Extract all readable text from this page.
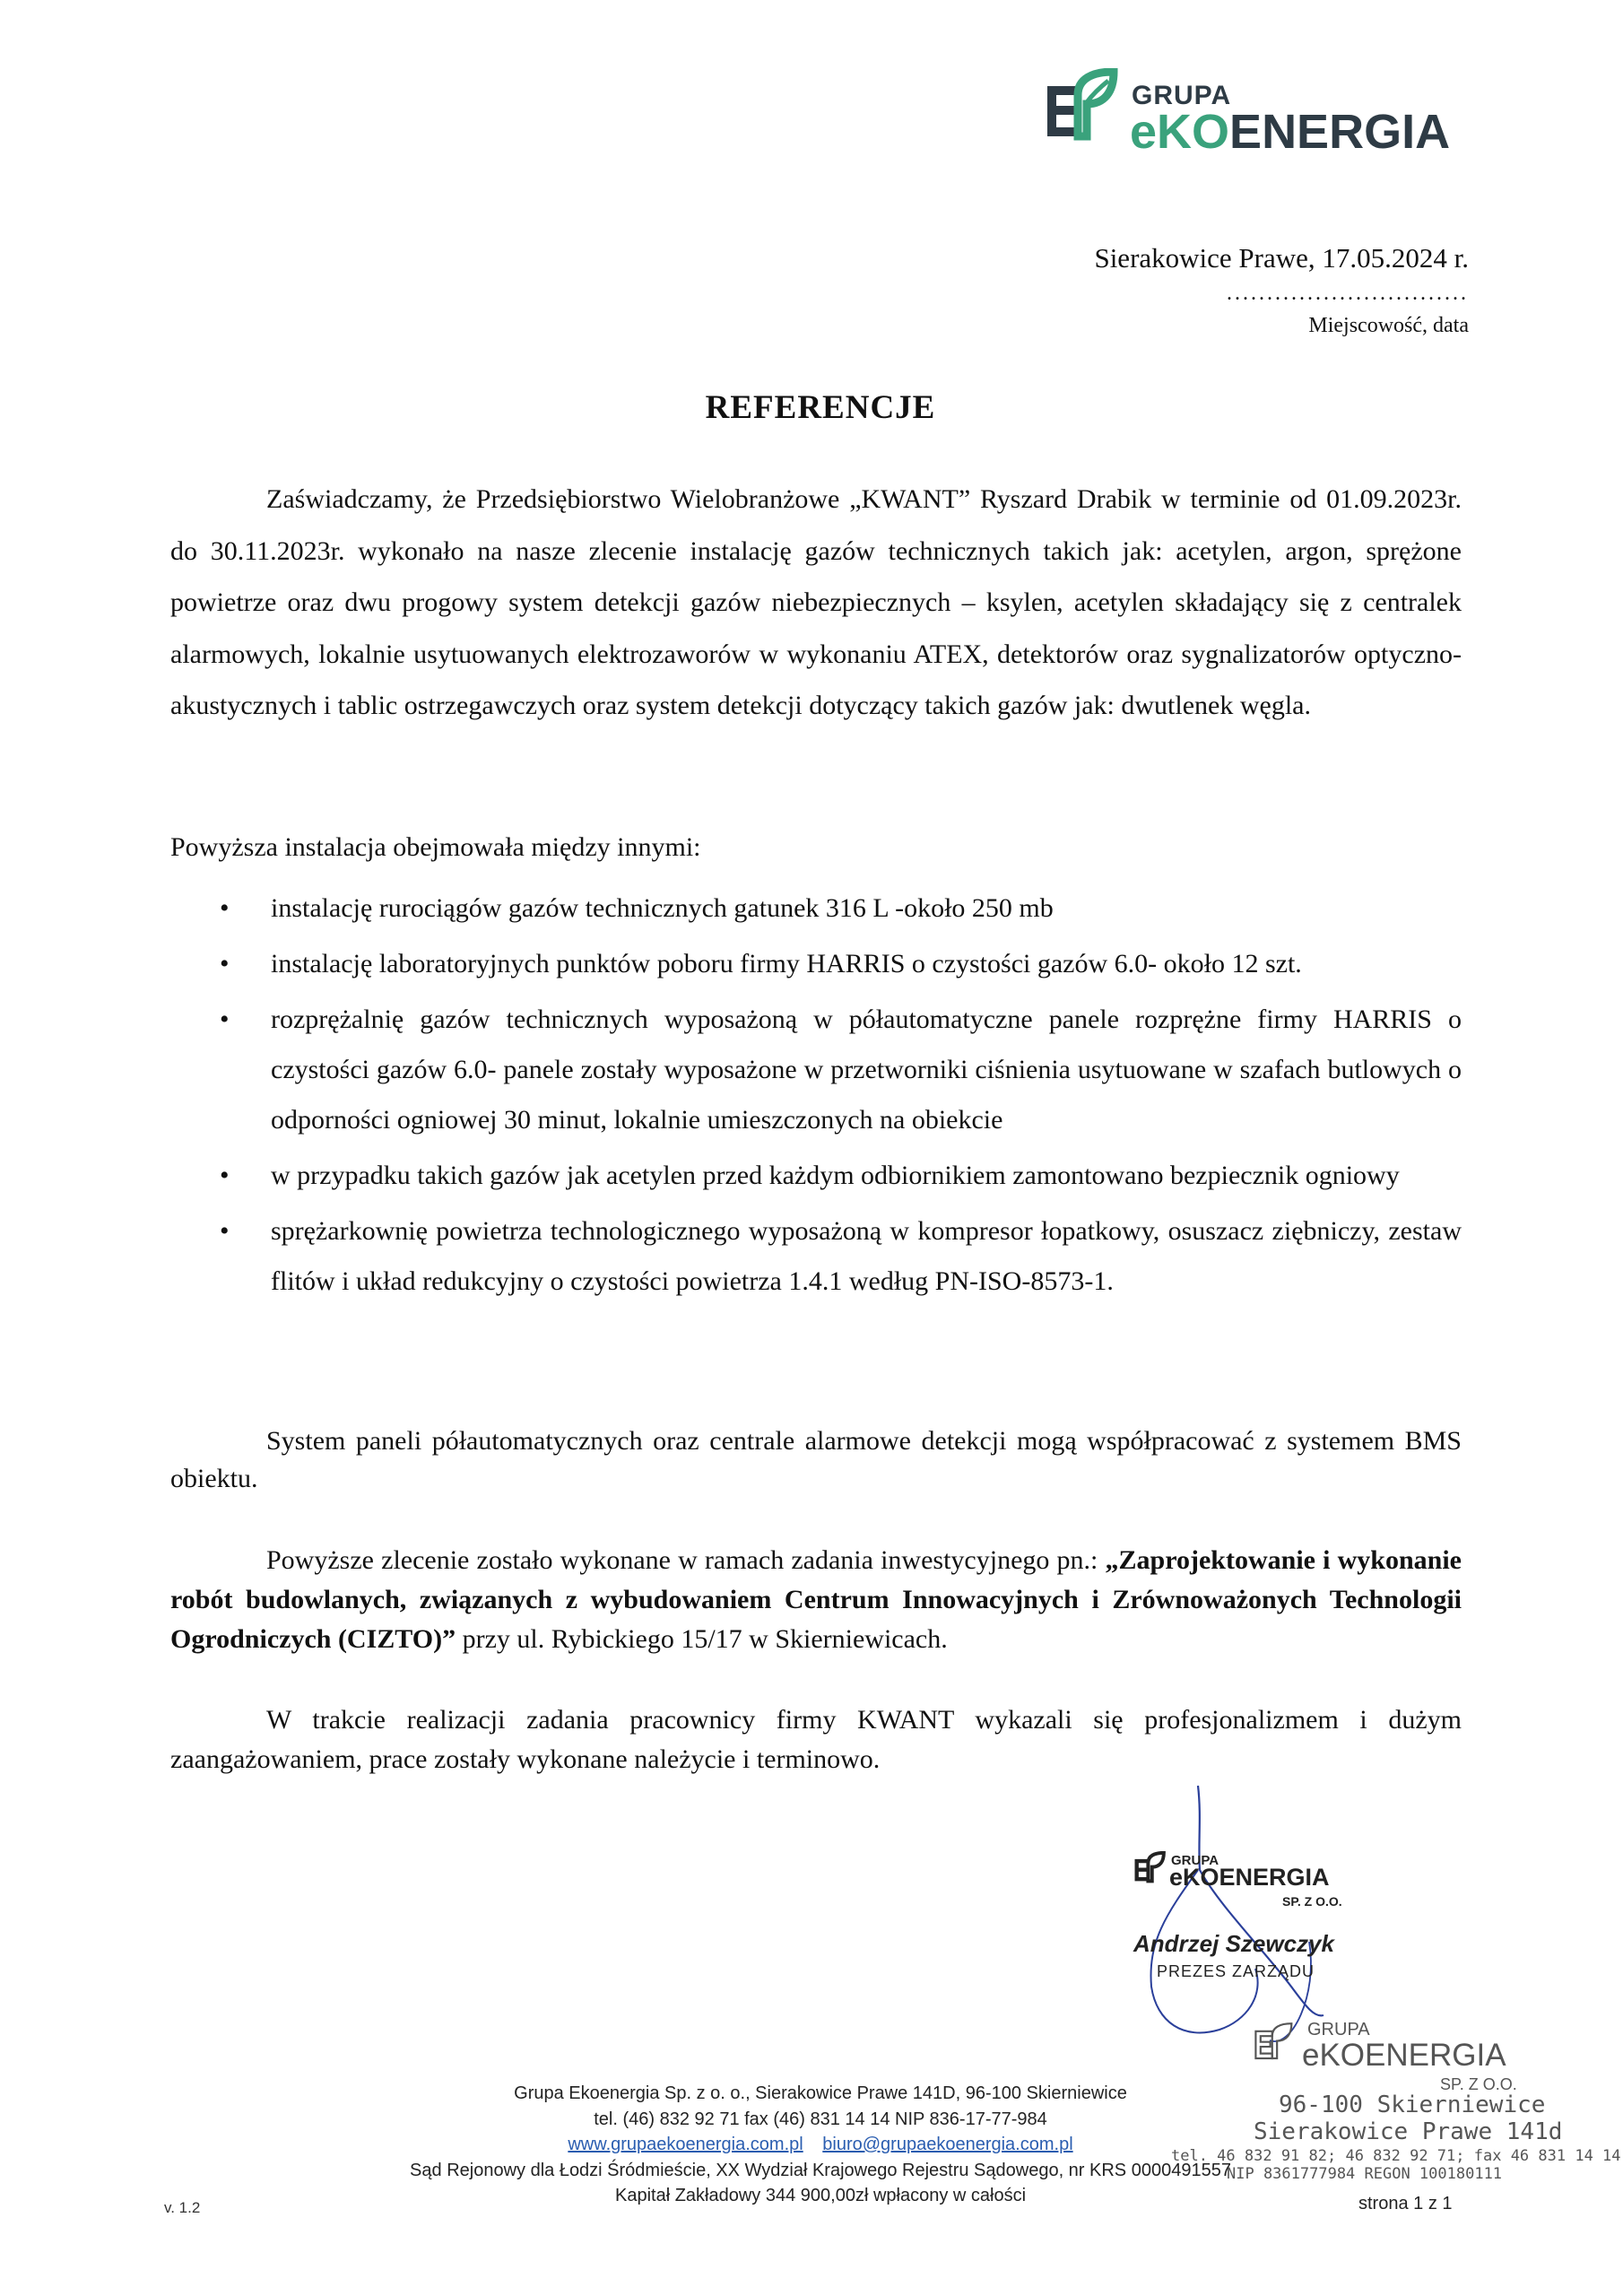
GRUPA
eKOENERGIA
Sierakowice Prawe, 17.05.2024 r.
..............................
Miejscowość, data
REFERENCJE
Zaświadczamy, że Przedsiębiorstwo Wielobranżowe „KWANT” Ryszard Drabik w terminie od 01.09.2023r. do 30.11.2023r. wykonało na nasze zlecenie instalację gazów technicznych takich jak: acetylen, argon, sprężone powietrze oraz dwu progowy system detekcji gazów niebezpiecznych – ksylen, acetylen składający się z centralek alarmowych, lokalnie usytuowanych elektrozaworów w wykonaniu ATEX, detektorów oraz sygnalizatorów optyczno- akustycznych i tablic ostrzegawczych oraz system detekcji dotyczący takich gazów jak: dwutlenek węgla.
Powyższa instalacja obejmowała między innymi:
• instalację rurociągów gazów technicznych gatunek 316 L -około 250 mb
• instalację laboratoryjnych punktów poboru firmy HARRIS o czystości gazów 6.0- około 12 szt.
• rozprężalnię gazów technicznych wyposażoną w półautomatyczne panele rozprężne firmy HARRIS o czystości gazów 6.0- panele zostały wyposażone w przetworniki ciśnienia usytuowane w szafach butlowych o odporności ogniowej 30 minut, lokalnie umieszczonych na obiekcie
• w przypadku takich gazów jak acetylen przed każdym odbiornikiem zamontowano bezpiecznik ogniowy
• sprężarkownię powietrza technologicznego wyposażoną w kompresor łopatkowy, osuszacz ziębniczy, zestaw flitów i układ redukcyjny o czystości powietrza 1.4.1 według PN-ISO-8573-1.
System paneli półautomatycznych oraz centrale alarmowe detekcji mogą współpracować z systemem BMS obiektu.
Powyższe zlecenie zostało wykonane w ramach zadania inwestycyjnego pn.: „Zaprojektowanie i wykonanie robót budowlanych, związanych z wybudowaniem Centrum Innowacyjnych i Zrównoważonych Technologii Ogrodniczych (CIZTO)” przy ul. Rybickiego 15/17 w Skierniewicach.
W trakcie realizacji zadania pracownicy firmy KWANT wykazali się profesjonalizmem i dużym zaangażowaniem, prace zostały wykonane należycie i terminowo.
GRUPA
eKOENERGIA
SP. Z O.O.
Andrzej Szewczyk
PREZES ZARZĄDU
GRUPA
eKOENERGIA
SP. Z O.O.
96-100 Skierniewice
Sierakowice Prawe 141d
tel. 46 832 91 82; 46 832 92 71; fax 46 831 14 14
NIP 8361777984 REGON 100180111
Grupa Ekoenergia Sp. z o. o., Sierakowice Prawe 141D, 96-100 Skierniewice
tel. (46) 832 92 71 fax (46) 831 14 14 NIP 836-17-77-984
www.grupaekoenergia.com.pl biuro@grupaekoenergia.com.pl
Sąd Rejonowy dla Łodzi Śródmieście, XX Wydział Krajowego Rejestru Sądowego, nr KRS 0000491557
Kapitał Zakładowy 344 900,00zł wpłacony w całości
v. 1.2	strona 1 z 1
